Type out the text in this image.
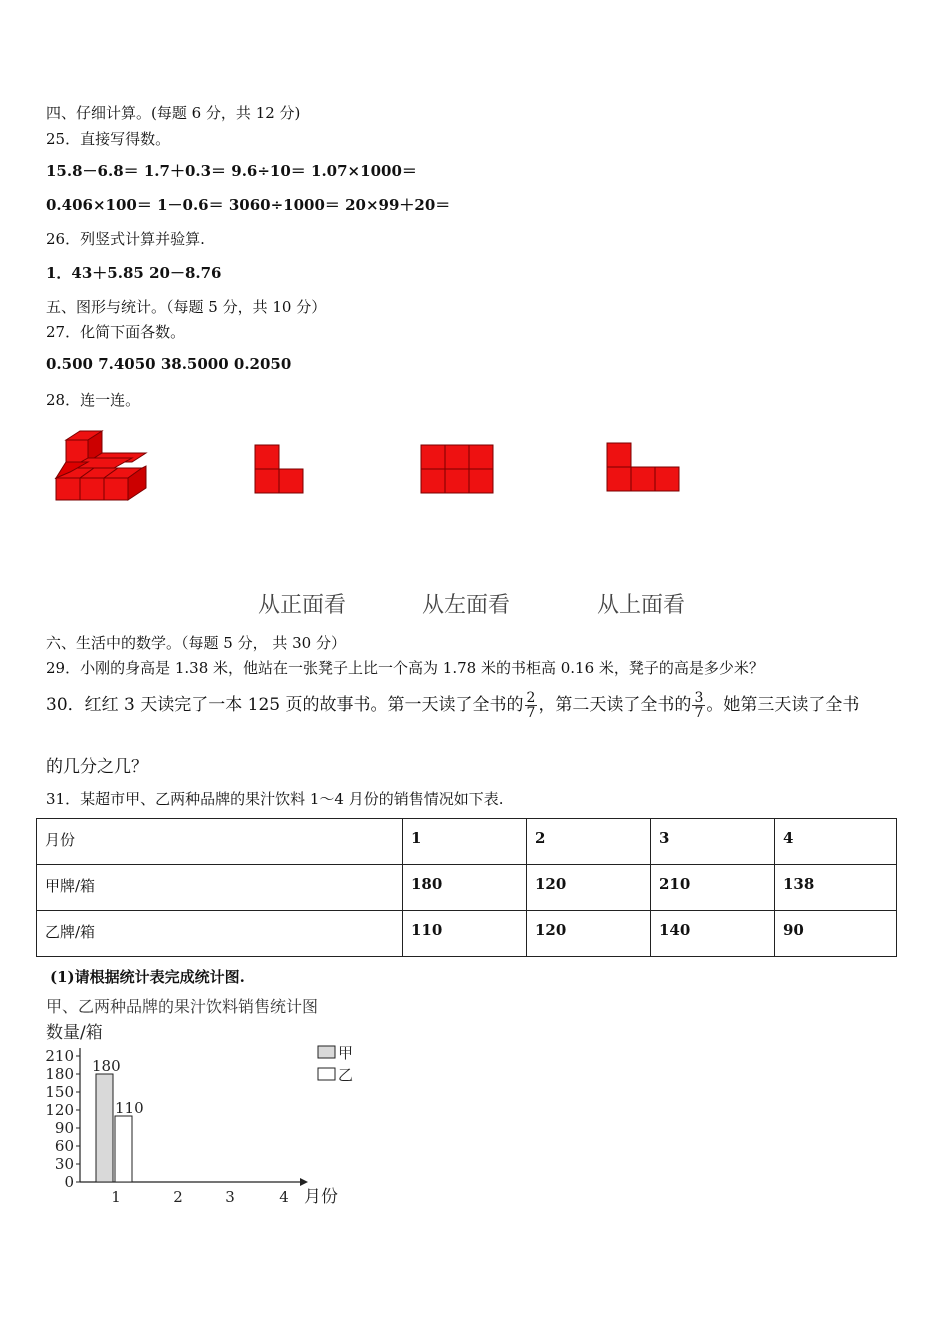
四、仔细计算。(每题 6 分，共 12 分)
25．直接写得数。
15.8－6.8＝ 1.7＋0.3＝ 9.6÷10＝ 1.07×1000＝
0.406×100＝ 1－0.6＝ 3060÷1000＝ 20×99＋20＝
26．列竖式计算并验算.
1．43＋5.85 20－8.76
五、图形与统计。（每题 5 分，共 10 分）
27．化简下面各数。
0.500 7.4050 38.5000 0.2050
28．连一连。
从正面看	从左面看	从上面看
六、生活中的数学。（每题 5 分， 共 30 分）
29．小刚的身高是 1.38 米，他站在一张凳子上比一个高为 1.78 米的书柜高 0.16 米，凳子的高是多少米？
30．红红 3 天读完了一本 125 页的故事书。第一天读了全书的 $\frac{2}{7}$ ，第二天读了全书的 $\frac{3}{7}$ 。她第三天读了全书
的几分之几？
31．某超市甲、乙两种品牌的果汁饮料 1～4 月份的销售情况如下表.
月份	1	2	3	4
甲牌/箱	180	120	210	138
乙牌/箱	110	120	140	90
(1)请根据统计表完成统计图.
甲、乙两种品牌的果汁饮料销售统计图
数量/箱
0
30
60
90
120
150
180
210
1	2	3	4
180
110
月份
甲
乙
